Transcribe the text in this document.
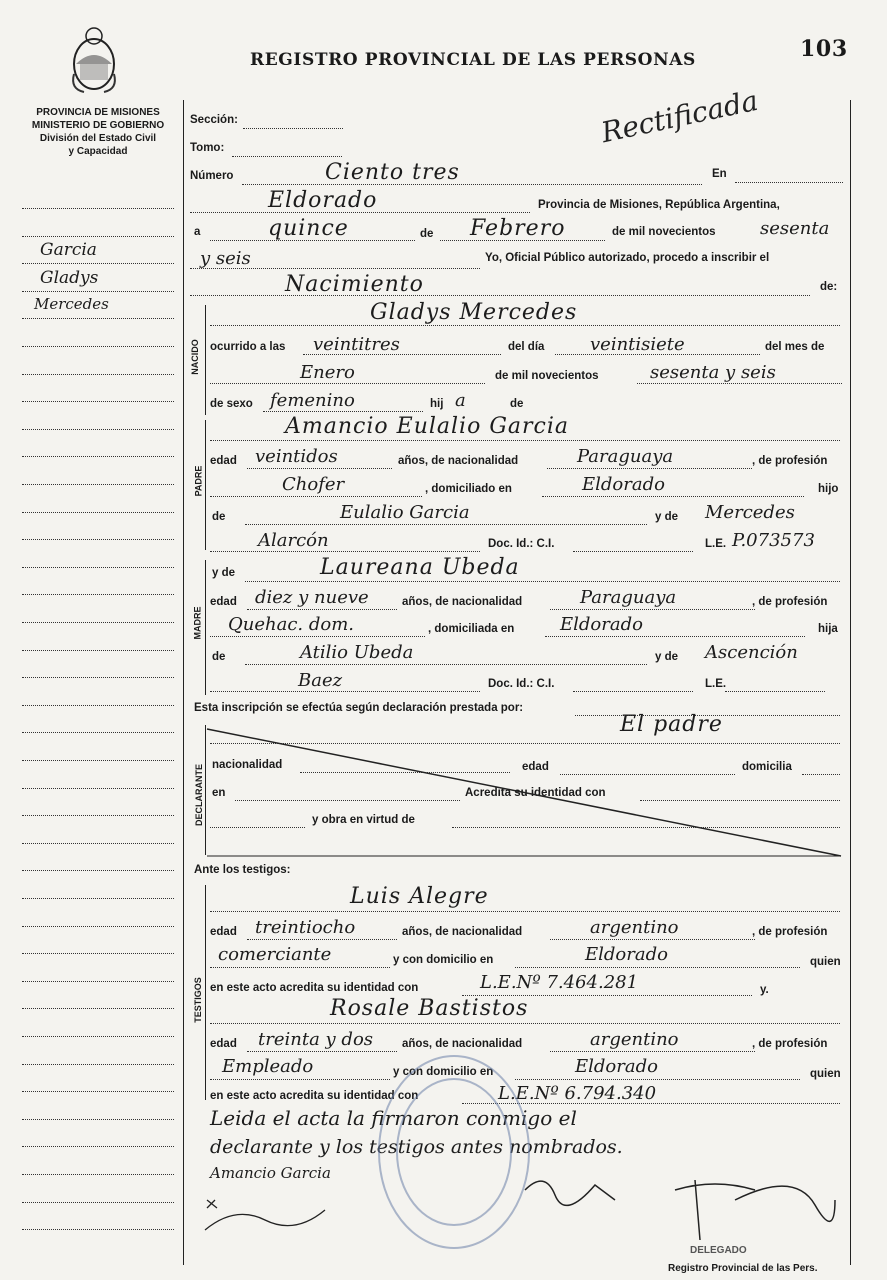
REGISTRO PROVINCIAL DE LAS PERSONAS	103
Rectificada
PROVINCIA DE MISIONES
MINISTERIO DE GOBIERNO
División del Estado Civil
y Capacidad
Garcia
Gladys
Mercedes
Sección:
Tomo:
Número	Ciento tres	En
Eldorado	Provincia de Misiones, República Argentina,
a	quince	de Febrero	de mil novecientos sesenta
y seis	Yo, Oficial Público autorizado, procedo a inscribir el
Nacimiento	de:
NACIDO
Gladys Mercedes
ocurrido a las veintitres	del día	veintisiete	del mes de
Enero	de mil novecientos	sesenta y seis
de sexo femenino	hij a	de
PADRE
Amancio Eulalio Garcia
edad veintidos	años, de nacionalidad	Paraguaya	, de profesión
Chofer	, domiciliado en	Eldorado	hijo
de	Eulalio Garcia	y de Mercedes
Alarcón	Doc. Id.: C.I.	L.E. P.073573
MADRE
y de	Laureana Ubeda
edad diez y nueve	años, de nacionalidad	Paraguaya	, de profesión
Quehac. dom.	, domiciliada en	Eldorado	hija
de	Atilio Ubeda	y de Ascención
Baez	Doc. Id.: C.I.	L.E.
Esta inscripción se efectúa según declaración prestada por:
El padre
DECLARANTE nacionalidad	edad	domicilia
en	Acredita su identidad con
y obra en virtud de
Ante los testigos:
TESTIGOS
Luis Alegre
edad treintiocho	años, de nacionalidad	argentino	, de profesión
comerciante	y con domicilio en	Eldorado	quien
en este acto acredita su identidad con	L.E.Nº 7.464.281	y.
Rosale Bastistos
edad treinta y dos	años, de nacionalidad	argentino	, de profesión
Empleado	y con domicilio en	Eldorado	quien
en este acto acredita su identidad con	L.E.Nº 6.794.340
Leida el acta la firmaron conmigo el
declarante y los testigos antes nombrados.
Amancio Garcia
DELEGADO
Registro Provincial de las Pers.
